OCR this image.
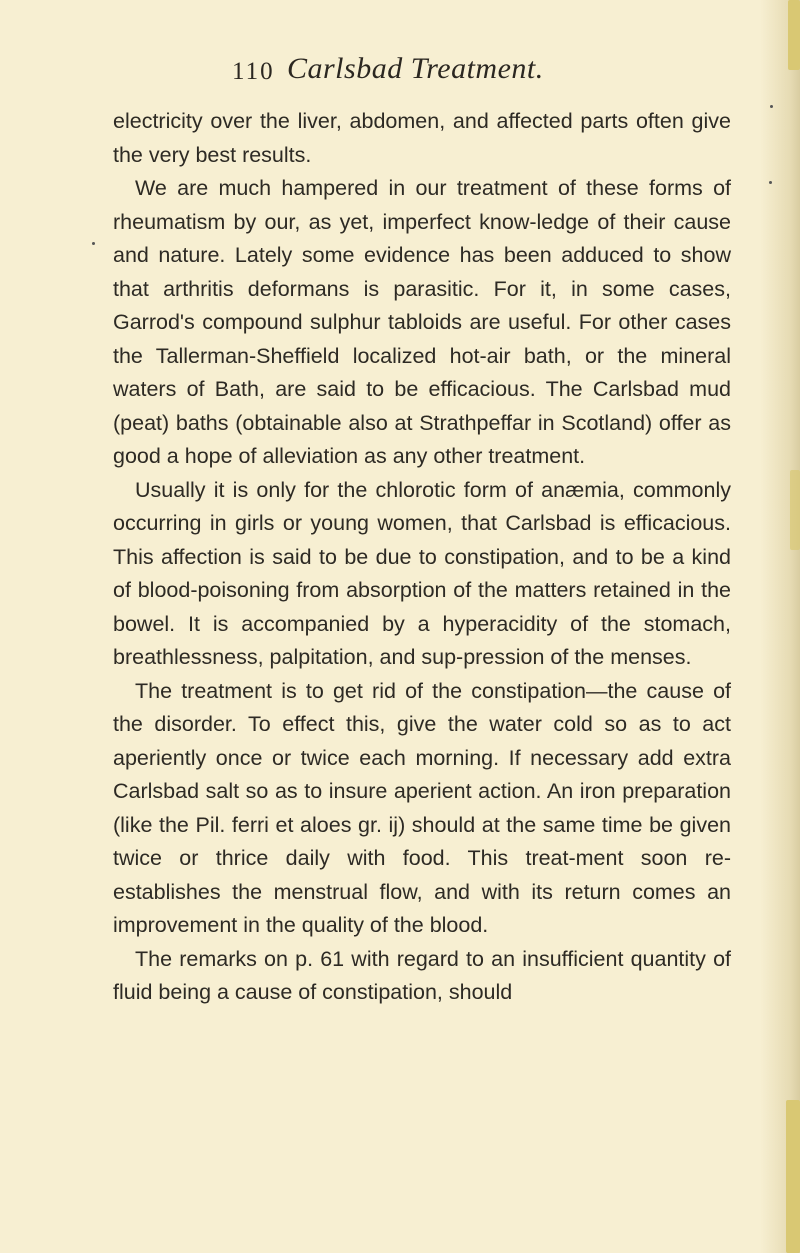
110 Carlsbad Treatment.

electricity over the liver, abdomen, and affected parts often give the very best results.

We are much hampered in our treatment of these forms of rheumatism by our, as yet, imperfect know-ledge of their cause and nature. Lately some evidence has been adduced to show that arthritis deformans is parasitic. For it, in some cases, Garrod's compound sulphur tabloids are useful. For other cases the Tallerman-Sheffield localized hot-air bath, or the mineral waters of Bath, are said to be efficacious. The Carlsbad mud (peat) baths (obtainable also at Strathpeffar in Scotland) offer as good a hope of alleviation as any other treatment.

Usually it is only for the chlorotic form of anæmia, commonly occurring in girls or young women, that Carlsbad is efficacious. This affection is said to be due to constipation, and to be a kind of blood-poisoning from absorption of the matters retained in the bowel. It is accompanied by a hyperacidity of the stomach, breathlessness, palpitation, and sup-pression of the menses.

The treatment is to get rid of the constipation—the cause of the disorder. To effect this, give the water cold so as to act aperiently once or twice each morning. If necessary add extra Carlsbad salt so as to insure aperient action. An iron preparation (like the Pil. ferri et aloes gr. ij) should at the same time be given twice or thrice daily with food. This treat-ment soon re-establishes the menstrual flow, and with its return comes an improvement in the quality of the blood.

The remarks on p. 61 with regard to an insufficient quantity of fluid being a cause of constipation, should
